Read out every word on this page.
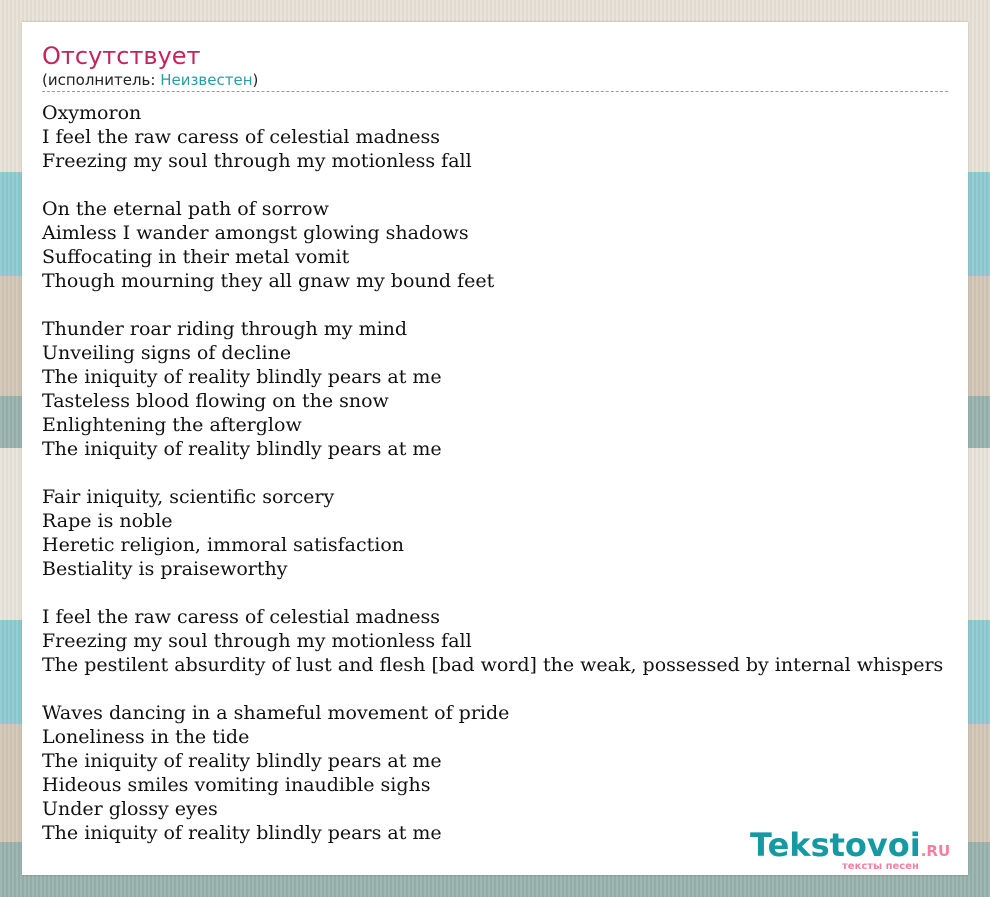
Отсутствует
(исполнитель: Неизвестен)
Oxymoron
I feel the raw caress of celestial madness
Freezing my soul through my motionless fall
On the eternal path of sorrow
Aimless I wander amongst glowing shadows
Suffocating in their metal vomit
Though mourning they all gnaw my bound feet
Thunder roar riding through my mind
Unveiling signs of decline
The iniquity of reality blindly pears at me
Tasteless blood flowing on the snow
Enlightening the afterglow
The iniquity of reality blindly pears at me
Fair iniquity, scientific sorcery
Rape is noble
Heretic religion, immoral satisfaction
Bestiality is praiseworthy
I feel the raw caress of celestial madness
Freezing my soul through my motionless fall
The pestilent absurdity of lust and flesh [bad word] the weak, possessed by internal whispers
Waves dancing in a shameful movement of pride
Loneliness in the tide
The iniquity of reality blindly pears at me
Hideous smiles vomiting inaudible sighs
Under glossy eyes
The iniquity of reality blindly pears at me	Tekstovoi.RU
тексты песен
